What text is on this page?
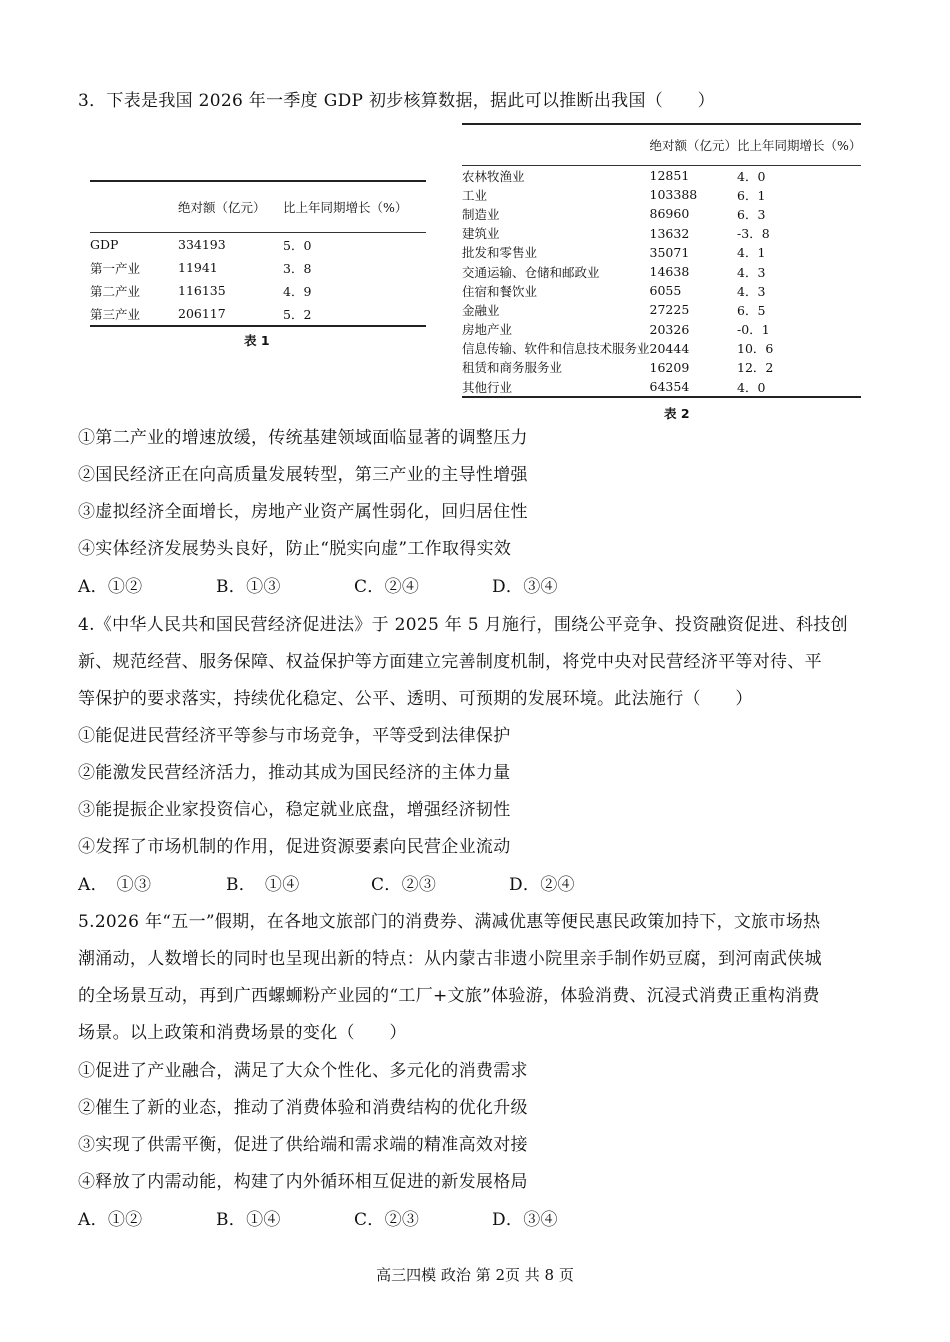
3．下表是我国 2026 年一季度 GDP 初步核算数据，据此可以推断出我国（　　）
	绝对额（亿元）	比上年同期增长（%）
GDP	334193	5．0
第一产业	11941	3．8
第二产业	116135	4．9
第三产业	206117	5．2
表 1
	绝对额（亿元）	比上年同期增长（%）
农林牧渔业	12851	4．0
工业	103388	6．1
制造业	86960	6．3
建筑业	13632	-3．8
批发和零售业	35071	4．1
交通运输、仓储和邮政业	14638	4．3
住宿和餐饮业	6055	4．3
金融业	27225	6．5
房地产业	20326	-0．1
信息传输、软件和信息技术服务业	20444	10．6
租赁和商务服务业	16209	12．2
其他行业	64354	4．0
表 2
①第二产业的增速放缓，传统基建领域面临显著的调整压力
②国民经济正在向高质量发展转型，第三产业的主导性增强
③虚拟经济全面增长，房地产业资产属性弱化，回归居住性
④实体经济发展势头良好，防止“脱实向虚”工作取得实效
A．①②	B．①③	C．②④	D．③④
4.《中华人民共和国民营经济促进法》于 2025 年 5 月施行，围绕公平竞争、投资融资促进、科技创
新、规范经营、服务保障、权益保护等方面建立完善制度机制，将党中央对民营经济平等对待、平
等保护的要求落实，持续优化稳定、公平、透明、可预期的发展环境。此法施行（　　）
①能促进民营经济平等参与市场竞争，平等受到法律保护
②能激发民营经济活力，推动其成为国民经济的主体力量
③能提振企业家投资信心，稳定就业底盘，增强经济韧性
④发挥了市场机制的作用，促进资源要素向民营企业流动
A．　①③	B．　①④	C．②③	D．②④
5.2026 年“五一”假期，在各地文旅部门的消费券、满减优惠等便民惠民政策加持下，文旅市场热
潮涌动，人数增长的同时也呈现出新的特点：从内蒙古非遗小院里亲手制作奶豆腐，到河南武侠城
的全场景互动，再到广西螺蛳粉产业园的“工厂+文旅”体验游，体验消费、沉浸式消费正重构消费
场景。以上政策和消费场景的变化（　　）
①促进了产业融合，满足了大众个性化、多元化的消费需求
②催生了新的业态，推动了消费体验和消费结构的优化升级
③实现了供需平衡，促进了供给端和需求端的精准高效对接
④释放了内需动能，构建了内外循环相互促进的新发展格局
A．①②	B．①④	C．②③	D．③④
高三四模 政治 第 2页 共 8 页
